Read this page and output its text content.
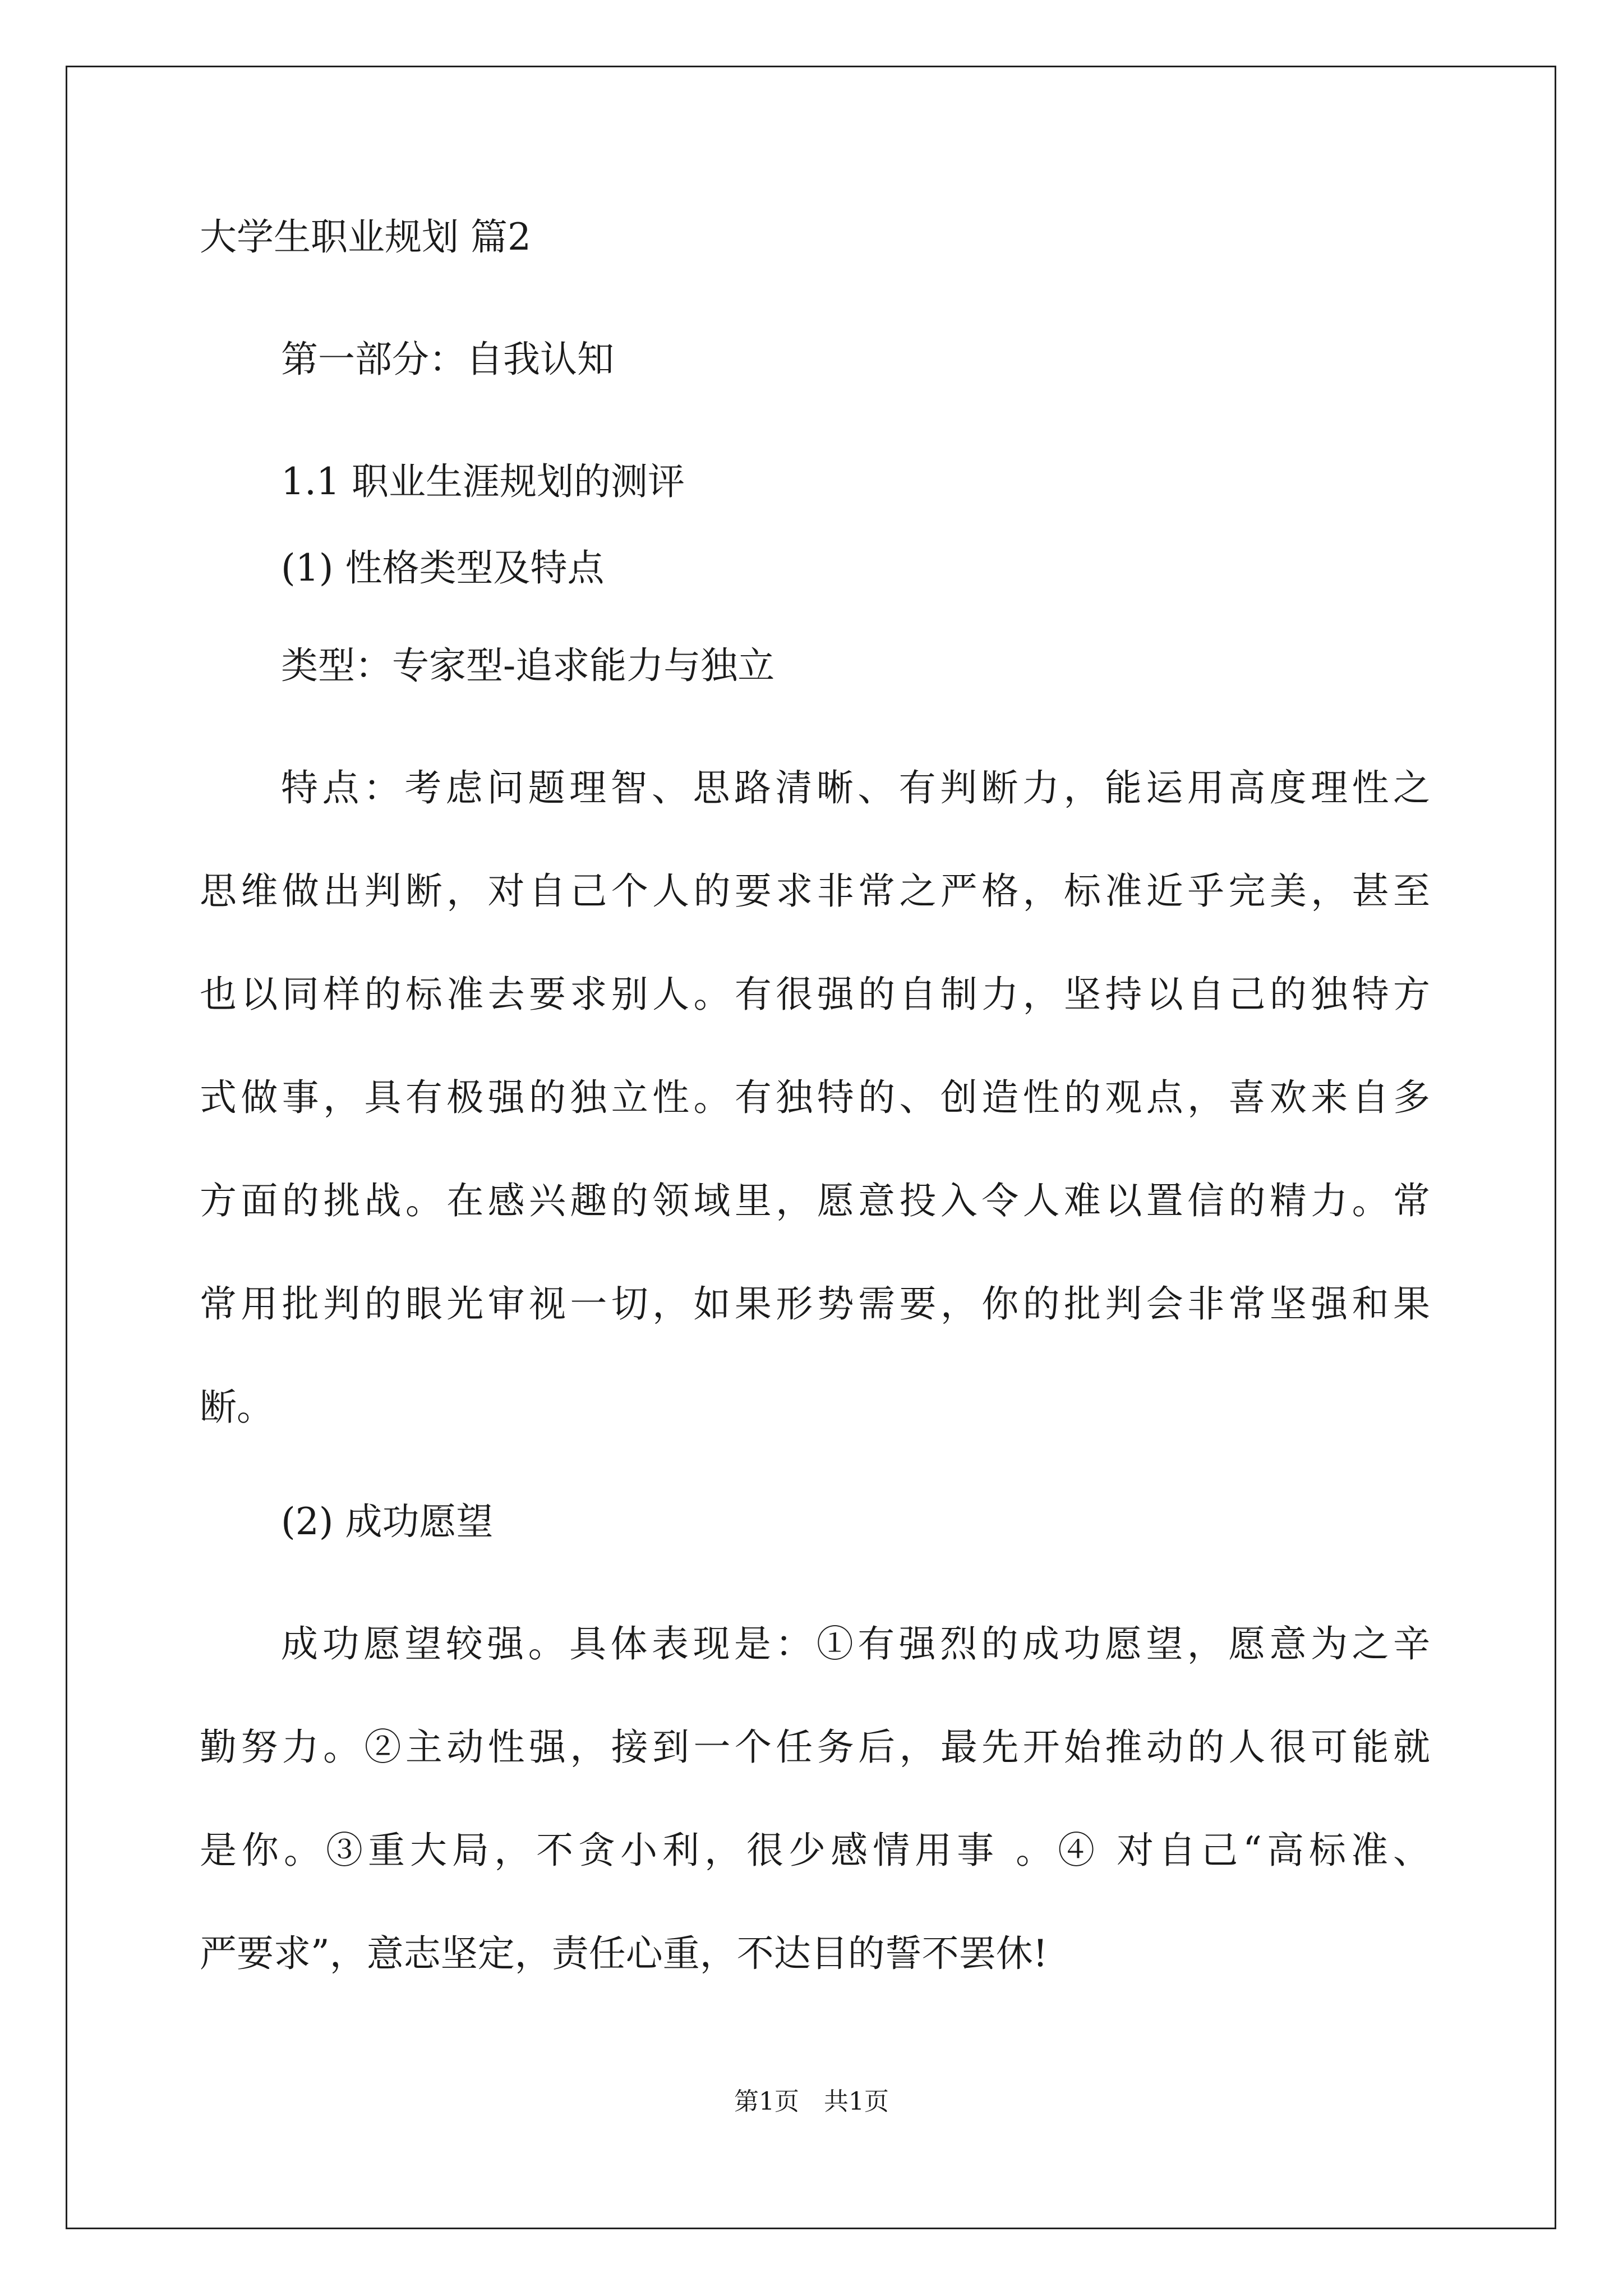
大学生职业规划 篇2
第一部分：自我认知
1.1 职业生涯规划的测评
(1) 性格类型及特点
类型：专家型-追求能力与独立
特点：考虑问题理智、思路清晰、有判断力，能运用高度理性之
思维做出判断，对自己个人的要求非常之严格，标准近乎完美，甚至
也以同样的标准去要求别人。有很强的自制力，坚持以自己的独特方
式做事，具有极强的独立性。有独特的、创造性的观点，喜欢来自多
方面的挑战。在感兴趣的领域里，愿意投入令人难以置信的精力。常
常用批判的眼光审视一切，如果形势需要，你的批判会非常坚强和果
断。
(2) 成功愿望
成功愿望较强。具体表现是：①有强烈的成功愿望，愿意为之辛
勤努力。②主动性强，接到一个任务后，最先开始推动的人很可能就
是你。③重大局，不贪小利，很少感情用事 。④ 对自己“高标准、
严要求”，意志坚定，责任心重，不达目的誓不罢休!
第1页 共1页
